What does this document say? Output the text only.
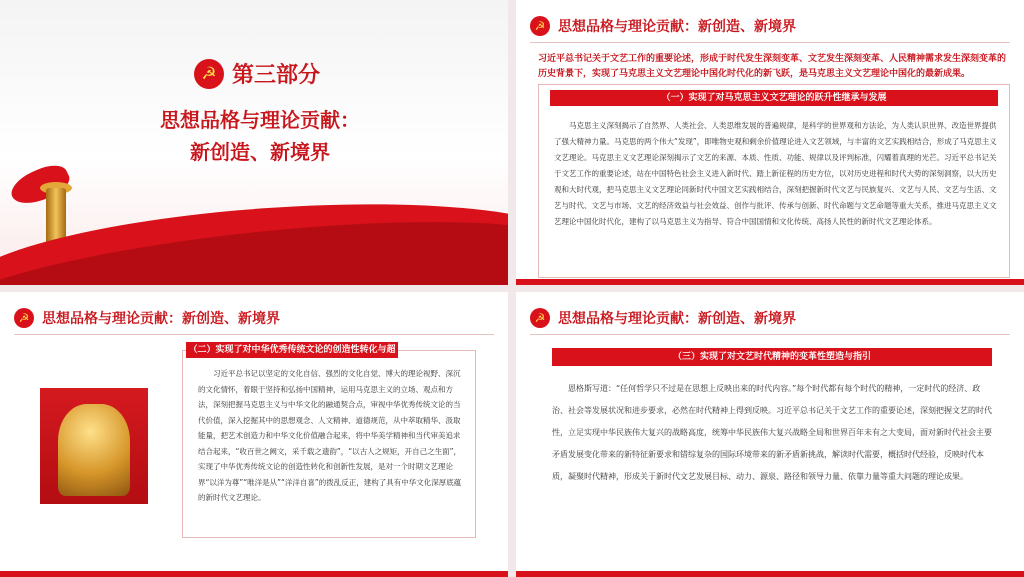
☭ 第三部分
思想品格与理论贡献：
新创造、新境界
☭ 思想品格与理论贡献：新创造、新境界
习近平总书记关于文艺工作的重要论述，形成于时代发生深刻变革、文艺发生深刻变革、人民精神需求发生深刻变革的历史背景下，实现了马克思主义文艺理论中国化时代化的新飞跃，是马克思主义文艺理论中国化的最新成果。
（一）实现了对马克思主义文艺理论的跃升性继承与发展
马克思主义深刻揭示了自然界、人类社会、人类思维发展的普遍规律，是科学的世界观和方法论，为人类认识世界、改造世界提供了强大精神力量。马克思的两个伟大“发现”，即唯物史观和剩余价值理论进入文艺领域，与丰富的文艺实践相结合，形成了马克思主义文艺理论。马克思主义文艺理论深刻揭示了文艺的来源、本质、性质、功能、规律以及评判标准，闪耀着真理的光芒。习近平总书记关于文艺工作的重要论述，站在中国特色社会主义进入新时代、踏上新征程的历史方位，以对历史进程和时代大势的深刻洞察，以大历史观和大时代观，把马克思主义文艺理论同新时代中国文艺实践相结合，深刻把握新时代文艺与民族复兴、文艺与人民、文艺与生活、文艺与时代、文艺与市场、文艺的经济效益与社会效益、创作与批评、传承与创新、时代命题与文艺命题等重大关系，推进马克思主义文艺理论中国化时代化，建构了以马克思主义为指导、符合中国国情和文化传统、高扬人民性的新时代文艺理论体系。
☭ 思想品格与理论贡献：新创造、新境界
（二）实现了对中华优秀传统文论的创造性转化与超越
习近平总书记以坚定的文化自信、强烈的文化自觉、博大的理论视野、深沉的文化情怀，着眼于坚持和弘扬中国精神，运用马克思主义的立场、观点和方法，深刻把握马克思主义与中华文化的融通契合点，审视中华优秀传统文论的当代价值，深入挖掘其中的思想观念、人文精神、道德规范，从中萃取精华、汲取能量，把艺术创造力和中华文化价值融合起来，将中华美学精神和当代审美追求结合起来，“收百世之阙文，采千载之遗韵”，“以古人之规矩，开自己之生面”，实现了中华优秀传统文论的创造性转化和创新性发展，是对一个时期文艺理论界“以洋为尊”“唯洋是从”“洋洋自喜”的拨乱反正，建构了具有中华文化深厚底蕴的新时代文艺理论。
☭ 思想品格与理论贡献：新创造、新境界
（三）实现了对文艺时代精神的变革性塑造与指引
恩格斯写道：“任何哲学只不过是在思想上反映出来的时代内容。”每个时代都有每个时代的精神，一定时代的经济、政治、社会等发展状况和进步要求，必然在时代精神上得到反映。习近平总书记关于文艺工作的重要论述，深刻把握文艺的时代性，立足实现中华民族伟大复兴的战略高度，统筹中华民族伟大复兴战略全局和世界百年未有之大变局，面对新时代社会主要矛盾发展变化带来的新特征新要求和错综复杂的国际环境带来的新矛盾新挑战，解读时代需要，概括时代经验，反映时代本质，凝聚时代精神，形成关于新时代文艺发展目标、动力、源泉、路径和领导力量、依靠力量等重大问题的理论成果。
